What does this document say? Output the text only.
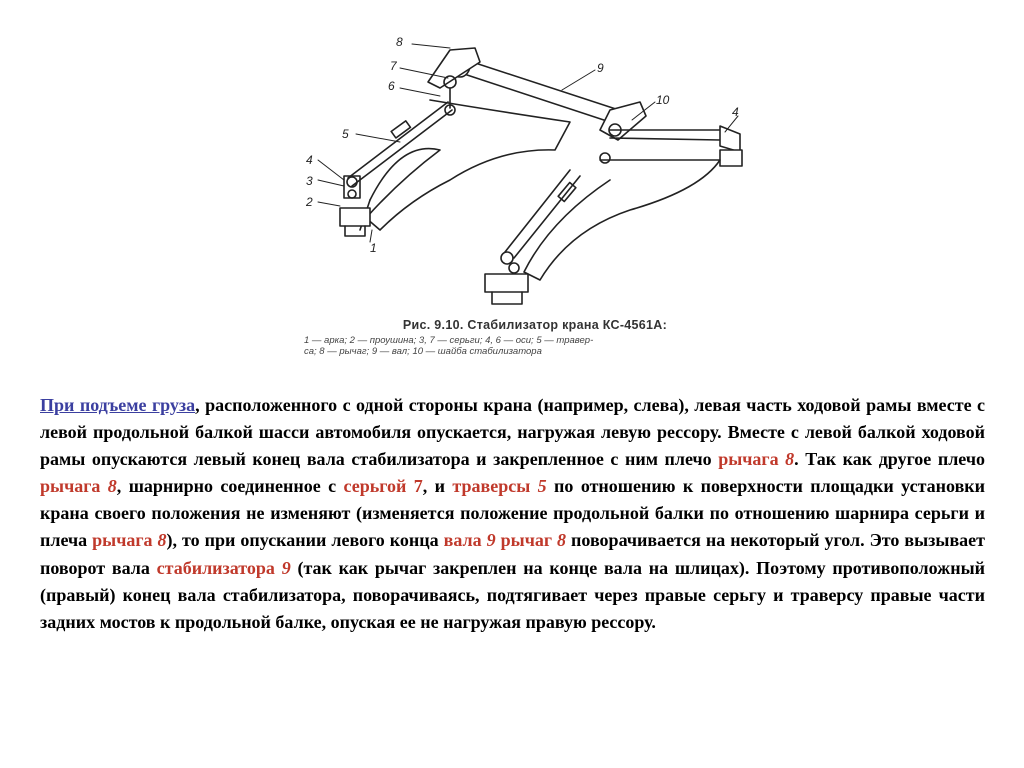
8
7
6
5
4
3
2
1
9
10
4
Рис. 9.10. Стабилизатор крана КС-4561А:
1 — арка; 2 — проушина; 3, 7 — серьги; 4, 6 — оси; 5 — травер-
са; 8 — рычаг; 9 — вал; 10 — шайба стабилизатора
При подъеме груза, расположенного с одной стороны крана (например, слева), левая часть ходовой рамы вместе с левой продольной балкой шасси автомобиля опускается, нагружая левую рессору. Вместе с левой балкой ходовой рамы опускаются левый конец вала стабилизатора и закрепленное с ним плечо рычага 8. Так как другое плечо рычага 8, шарнирно соединенное с серьгой 7, и траверсы 5 по отношению к поверхности площадки установки крана своего положения не изменяют (изменяется положение продольной балки по отношению шарнира серьги и плеча рычага 8), то при опускании левого конца вала 9 рычаг 8 поворачивается на некоторый угол. Это вызывает поворот вала стабилизатора 9 (так как рычаг закреплен на конце вала на шлицах). Поэтому противоположный (правый) конец вала стабилизатора, поворачиваясь, подтягивает через правые серьгу и траверсу правые части задних мостов к продольной балке, опуская ее не нагружая правую рессору.
